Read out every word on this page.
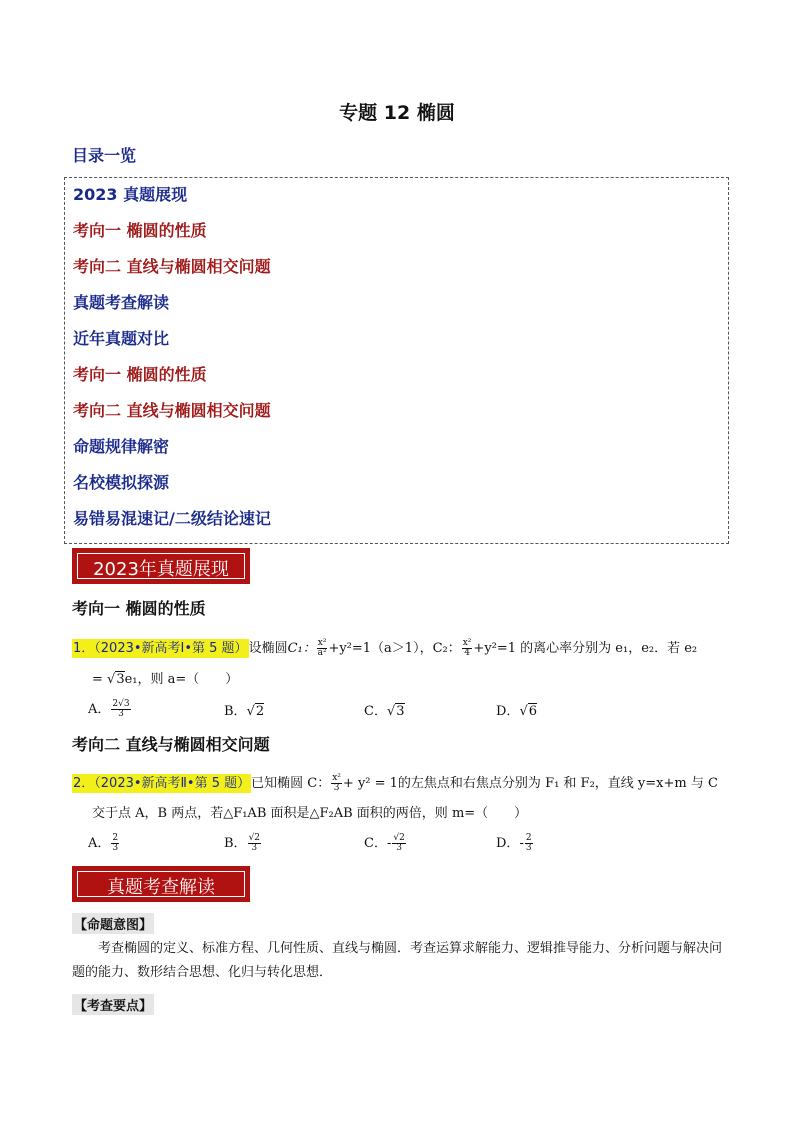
专题 12 椭圆
目录一览
2023 真题展现
考向一 椭圆的性质
考向二 直线与椭圆相交问题
真题考查解读
近年真题对比
考向一 椭圆的性质
考向二 直线与椭圆相交问题
命题规律解密
名校模拟探源
易错易混速记/二级结论速记
2023年真题展现
考向一 椭圆的性质
1．（2023•新高考Ⅰ•第 5 题）设椭圆C₁： $\frac{\text{x²}}{\text{a²}} +y^2=1(a>1)$，C₂： $\frac{\text{x²}}{4} +y^2=1$ 的离心率分别为 e₁，e₂．若 e₂
= √3e₁，则 a=（　　）
A． $\frac{2√3}{3}$	B．√2	C．√3	D．√6
考向二 直线与椭圆相交问题
2．（2023•新高考Ⅱ•第 5 题）已知椭圆 C： $\frac{\text{x²}}{3} + y^2 = 1$的左焦点和右焦点分别为 F₁ 和 F₂，直线 y=x+m 与 C
交于点 A，B 两点，若△F₁AB 面积是△F₂AB 面积的两倍，则 m=（　　）
A． $\frac{2}{3}$	B． $\frac{√2}{3}$	C．- $\frac{√2}{3}$	D．- $\frac{2}{3}$
真题考查解读
【命题意图】
考查椭圆的定义、标准方程、几何性质、直线与椭圆．考查运算求解能力、逻辑推导能力、分析问题与解决问题的能力、数形结合思想、化归与转化思想．
【考查要点】
